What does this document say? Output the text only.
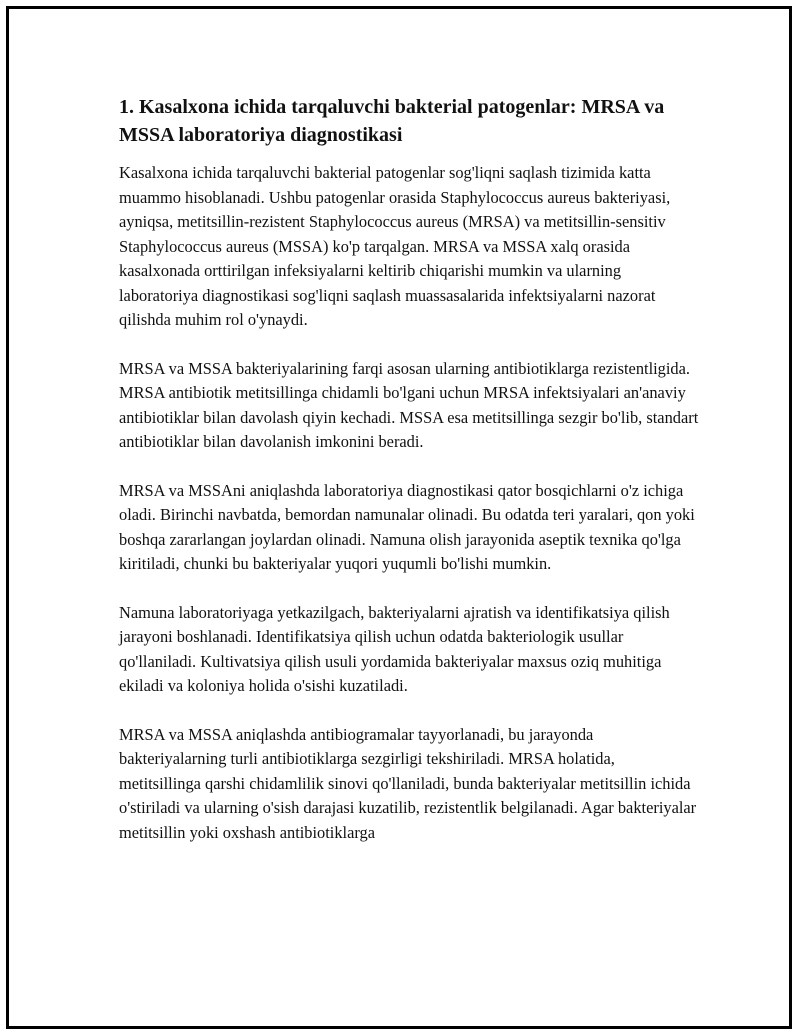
1. Kasalxona ichida tarqaluvchi bakterial patogenlar: MRSA va MSSA laboratoriya diagnostikasi

Kasalxona ichida tarqaluvchi bakterial patogenlar sog'liqni saqlash tizimida katta muammo hisoblanadi. Ushbu patogenlar orasida Staphylococcus aureus bakteriyasi, ayniqsa, metitsillin-rezistent Staphylococcus aureus (MRSA) va metitsillin-sensitiv Staphylococcus aureus (MSSA) ko'p tarqalgan. MRSA va MSSA xalq orasida kasalxonada orttirilgan infeksiyalarni keltirib chiqarishi mumkin va ularning laboratoriya diagnostikasi sog'liqni saqlash muassasalarida infektsiyalarni nazorat qilishda muhim rol o'ynaydi.

MRSA va MSSA bakteriyalarining farqi asosan ularning antibiotiklarga rezistentligida. MRSA antibiotik metitsillinga chidamli bo'lgani uchun MRSA infektsiyalari an'anaviy antibiotiklar bilan davolash qiyin kechadi. MSSA esa metitsillinga sezgir bo'lib, standart antibiotiklar bilan davolanish imkonini beradi.

MRSA va MSSAni aniqlashda laboratoriya diagnostikasi qator bosqichlarni o'z ichiga oladi. Birinchi navbatda, bemordan namunalar olinadi. Bu odatda teri yaralari, qon yoki boshqa zararlangan joylardan olinadi. Namuna olish jarayonida aseptik texnika qo'lga kiritiladi, chunki bu bakteriyalar yuqori yuqumli bo'lishi mumkin.

Namuna laboratoriyaga yetkazilgach, bakteriyalarni ajratish va identifikatsiya qilish jarayoni boshlanadi. Identifikatsiya qilish uchun odatda bakteriologik usullar qo'llaniladi. Kultivatsiya qilish usuli yordamida bakteriyalar maxsus oziq muhitiga ekiladi va koloniya holida o'sishi kuzatiladi.

MRSA va MSSA aniqlashda antibiogramalar tayyorlanadi, bu jarayonda bakteriyalarning turli antibiotiklarga sezgirligi tekshiriladi. MRSA holatida, metitsillinga qarshi chidamlilik sinovi qo'llaniladi, bunda bakteriyalar metitsillin ichida o'stiriladi va ularning o'sish darajasi kuzatilib, rezistentlik belgilanadi. Agar bakteriyalar metitsillin yoki oxshash antibiotiklarga
